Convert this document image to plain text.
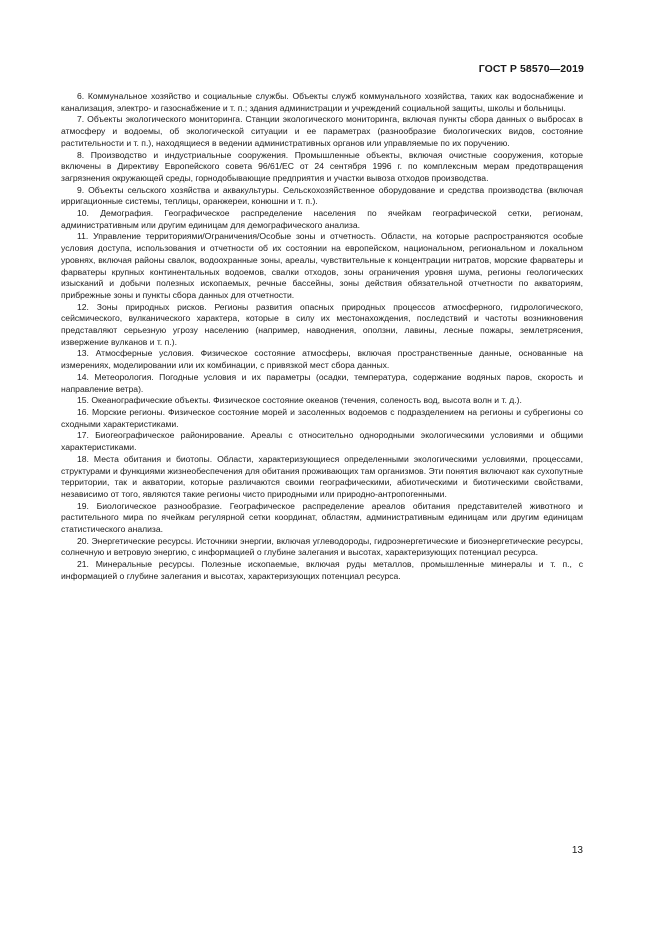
ГОСТ Р 58570—2019

6. Коммунальное хозяйство и социальные службы. Объекты служб коммунального хозяйства, таких как водоснабжение и канализация, электро- и газоснабжение и т. п.; здания администрации и учреждений социальной защиты, школы и больницы.

7. Объекты экологического мониторинга. Станции экологического мониторинга, включая пункты сбора данных о выбросах в атмосферу и водоемы, об экологической ситуации и ее параметрах (разнообразие биологических видов, состояние растительности и т. п.), находящиеся в ведении административных органов или управляемые по их поручению.

8. Производство и индустриальные сооружения. Промышленные объекты, включая очистные сооружения, которые включены в Директиву Европейского совета 96/61/ЕС от 24 сентября 1996 г. по комплексным мерам предотвращения загрязнения окружающей среды, горнодобывающие предприятия и участки вывоза отходов производства.

9. Объекты сельского хозяйства и аквакультуры. Сельскохозяйственное оборудование и средства производства (включая ирригационные системы, теплицы, оранжереи, конюшни и т. п.).

10. Демография. Географическое распределение населения по ячейкам географической сетки, регионам, административным или другим единицам для демографического анализа.

11. Управление территориями/Ограничения/Особые зоны и отчетность. Области, на которые распространяются особые условия доступа, использования и отчетности об их состоянии на европейском, национальном, региональном и локальном уровнях, включая районы свалок, водоохранные зоны, ареалы, чувствительные к концентрации нитратов, морские фарватеры и фарватеры крупных континентальных водоемов, свалки отходов, зоны ограничения уровня шума, регионы геологических изысканий и добычи полезных ископаемых, речные бассейны, зоны действия обязательной отчетности по акваториям, прибрежные зоны и пункты сбора данных для отчетности.

12. Зоны природных рисков. Регионы развития опасных природных процессов атмосферного, гидрологического, сейсмического, вулканического характера, которые в силу их местонахождения, последствий и частоты возникновения представляют серьезную угрозу населению (например, наводнения, оползни, лавины, лесные пожары, землетрясения, извержение вулканов и т. п.).

13. Атмосферные условия. Физическое состояние атмосферы, включая пространственные данные, основанные на измерениях, моделировании или их комбинации, с привязкой мест сбора данных.

14. Метеорология. Погодные условия и их параметры (осадки, температура, содержание водяных паров, скорость и направление ветра).

15. Океанографические объекты. Физическое состояние океанов (течения, соленость вод, высота волн и т. д.).

16. Морские регионы. Физическое состояние морей и засоленных водоемов с подразделением на регионы и субрегионы со сходными характеристиками.

17. Биогеографическое районирование. Ареалы с относительно однородными экологическими условиями и общими характеристиками.

18. Места обитания и биотопы. Области, характеризующиеся определенными экологическими условиями, процессами, структурами и функциями жизнеобеспечения для обитания проживающих там организмов. Эти понятия включают как сухопутные территории, так и акватории, которые различаются своими географическими, абиотическими и биотическими свойствами, независимо от того, являются такие регионы чисто природными или природно-антропогенными.

19. Биологическое разнообразие. Географическое распределение ареалов обитания представителей животного и растительного мира по ячейкам регулярной сетки координат, областям, административным единицам или другим единицам статистического анализа.

20. Энергетические ресурсы. Источники энергии, включая углеводороды, гидроэнергетические и биоэнергетические ресурсы, солнечную и ветровую энергию, с информацией о глубине залегания и высотах, характеризующих потенциал ресурса.

21. Минеральные ресурсы. Полезные ископаемые, включая руды металлов, промышленные минералы и т. п., с информацией о глубине залегания и высотах, характеризующих потенциал ресурса.

13
